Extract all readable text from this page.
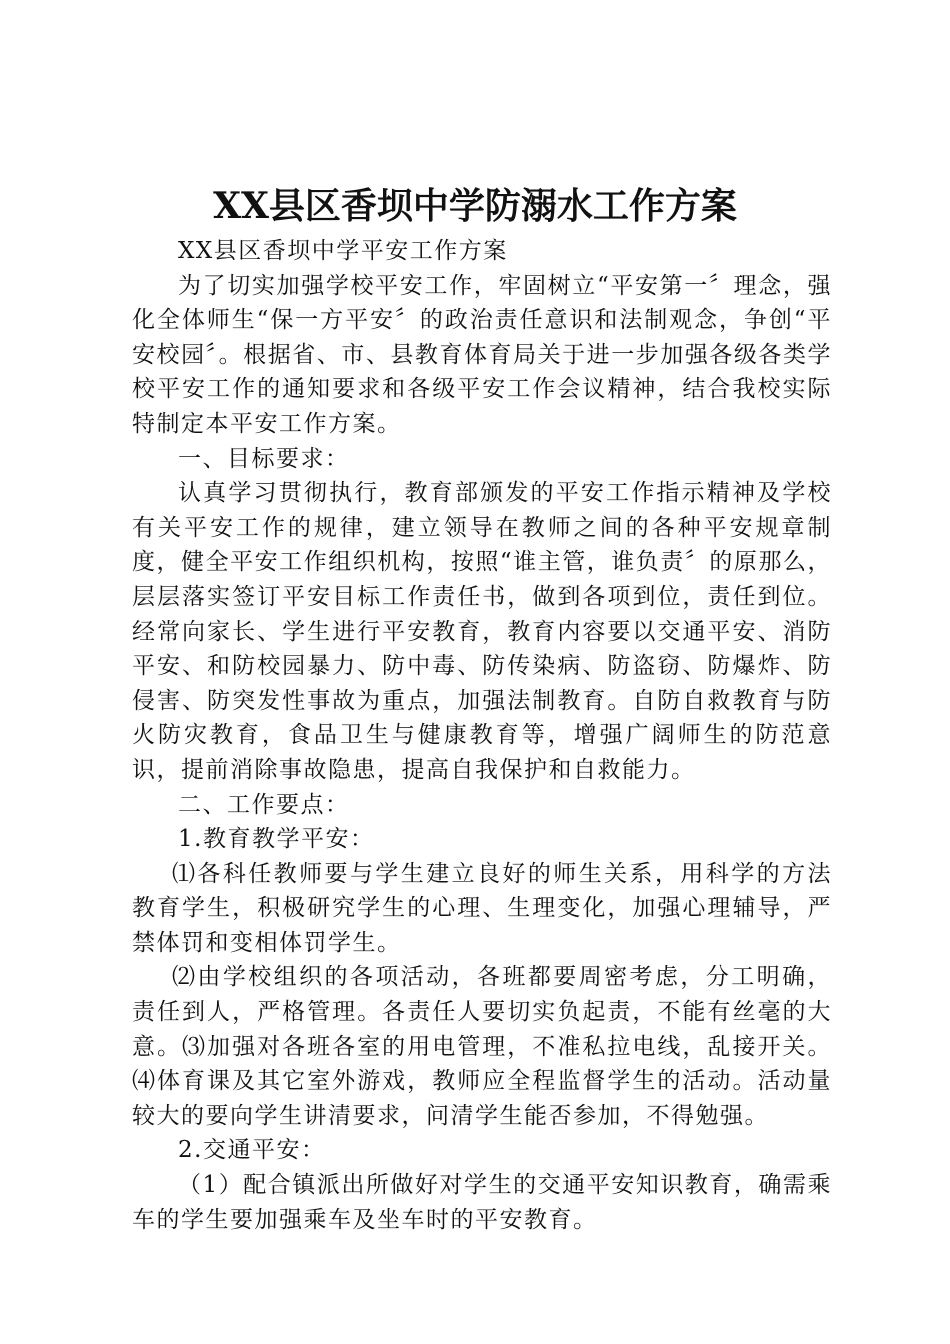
XX县区香坝中学防溺水工作方案

XX县区香坝中学平安工作方案

为了切实加强学校平安工作，牢固树立“平安第一〞理念，强化全体师生“保一方平安〞的政治责任意识和法制观念，争创“平安校园〞。根据省、市、县教育体育局关于进一步加强各级各类学校平安工作的通知要求和各级平安工作会议精神，结合我校实际特制定本平安工作方案。

一、目标要求：

认真学习贯彻执行，教育部颁发的平安工作指示精神及学校有关平安工作的规律，建立领导在教师之间的各种平安规章制度，健全平安工作组织机构，按照“谁主管，谁负责〞的原那么，层层落实签订平安目标工作责任书，做到各项到位，责任到位。经常向家长、学生进行平安教育，教育内容要以交通平安、消防平安、和防校园暴力、防中毒、防传染病、防盗窃、防爆炸、防侵害、防突发性事故为重点，加强法制教育。自防自救教育与防火防灾教育，食品卫生与健康教育等，增强广阔师生的防范意识，提前消除事故隐患，提高自我保护和自救能力。

二、工作要点：

1.教育教学平安：

⑴各科任教师要与学生建立良好的师生关系，用科学的方法教育学生，积极研究学生的心理、生理变化，加强心理辅导，严禁体罚和变相体罚学生。

⑵由学校组织的各项活动，各班都要周密考虑，分工明确，责任到人，严格管理。各责任人要切实负起责，不能有丝毫的大意。⑶加强对各班各室的用电管理，不准私拉电线，乱接开关。⑷体育课及其它室外游戏，教师应全程监督学生的活动。活动量较大的要向学生讲清要求，问清学生能否参加，不得勉强。

2.交通平安：

（1）配合镇派出所做好对学生的交通平安知识教育，确需乘车的学生要加强乘车及坐车时的平安教育。
